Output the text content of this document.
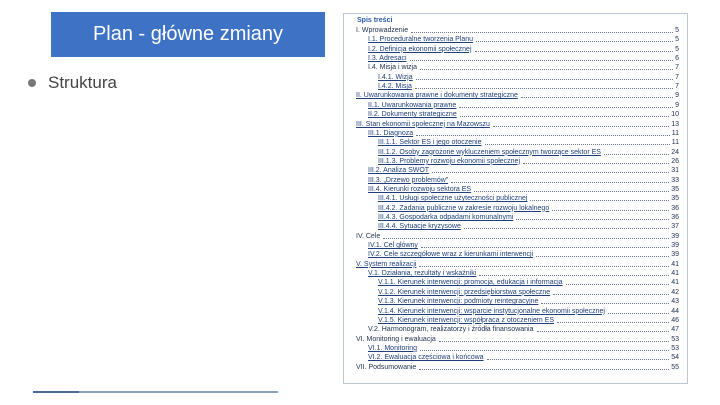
Plan - główne zmiany
Struktura
Spis treści
I. Wprowadzenie	5
I.1. Proceduralne tworzenia Planu	5
I.2. Definicja ekonomii społecznej	5
I.3. Adresaci	6
I.4. Misja i wizja	7
I.4.1. Wizja	7
I.4.2. Misja	7
II. Uwarunkowania prawne i dokumenty strategiczne	9
II.1. Uwarunkowania prawne	9
II.2. Dokumenty strategiczne	10
III. Stan ekonomii społecznej na Mazowszu	13
III.1. Diagnoza	11
III.1.1. Sektor ES i jego otoczenie	11
III.1.2. Osoby zagrożone wykluczeniem społecznym tworzące sektor ES	24
III.1.3. Problemy rozwoju ekonomii społecznej	26
III.2. Analiza SWOT	31
III.3. „Drzewo problemów”	33
III.4. Kierunki rozwoju sektora ES	35
III.4.1. Usługi społeczne użyteczności publicznej	35
III.4.2. Zadania publiczne w zakresie rozwoju lokalnego	36
III.4.3. Gospodarka odpadami komunalnymi	36
III.4.4. Sytuacje kryzysowe	37
IV. Cele	39
IV.1. Cel główny	39
IV.2. Cele szczegółowe wraz z kierunkami interwencji	39
V. System realizacji	41
V.1. Działania, rezultaty i wskaźniki	41
V.1.1. Kierunek interwencji: promocja, edukacja i informacja	41
V.1.2. Kierunek interwencji: przedsiębiorstwa społeczne	42
V.1.3. Kierunek interwencji: podmioty reintegracyjne	43
V.1.4. Kierunek interwencji: wsparcie instytucjonalne ekonomii społecznej	44
V.1.5. Kierunek interwencji: współpraca z otoczeniem ES	46
V.2. Harmonogram, realizatorzy i źródła finansowania	47
VI. Monitoring i ewaluacja	53
VI.1. Monitoring	53
VI.2. Ewaluacja częściowa i końcowa	54
VII. Podsumowanie	55
